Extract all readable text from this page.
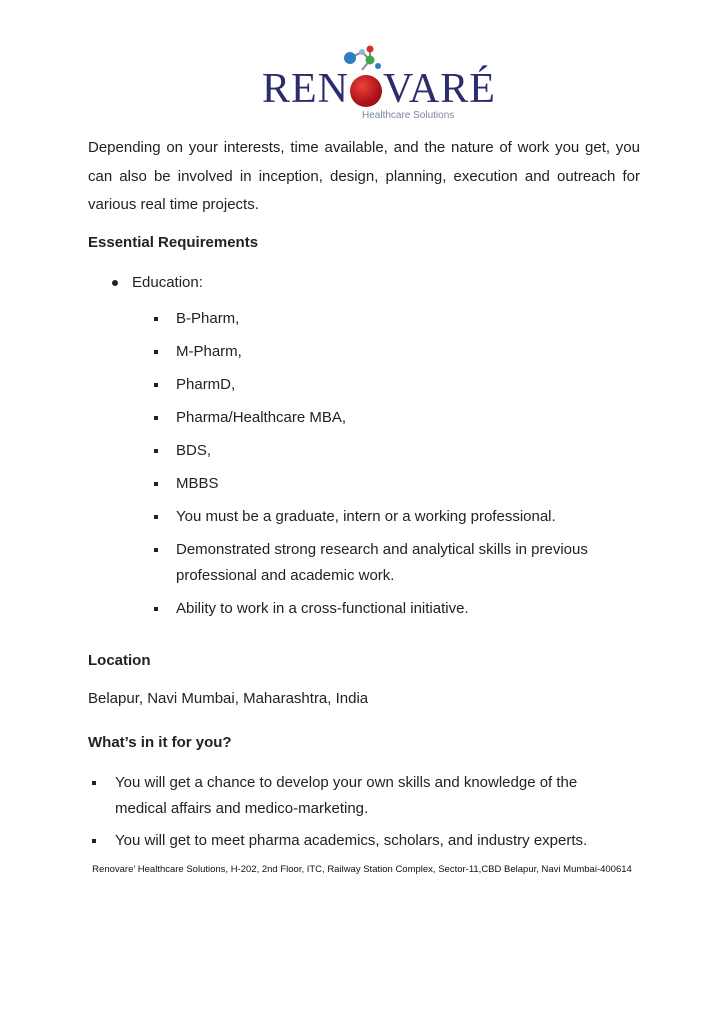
REN VARÉ
Healthcare Solutions

Depending on your interests, time available, and the nature of work you get, you can also be involved in inception, design, planning, execution and outreach for various real time projects.

Essential Requirements
Education:
B-Pharm,
M-Pharm,
PharmD,
Pharma/Healthcare MBA,
BDS,
MBBS
You must be a graduate, intern or a working professional.
Demonstrated strong research and analytical skills in previous professional and academic work.
Ability to work in a cross-functional initiative.
Location
Belapur, Navi Mumbai, Maharashtra, India
What’s in it for you?
You will get a chance to develop your own skills and knowledge of the medical affairs and medico-marketing.
You will get to meet pharma academics, scholars, and industry experts.
Renovare’ Healthcare Solutions, H-202, 2nd Floor, ITC, Railway Station Complex, Sector-11,CBD Belapur, Navi Mumbai-400614
